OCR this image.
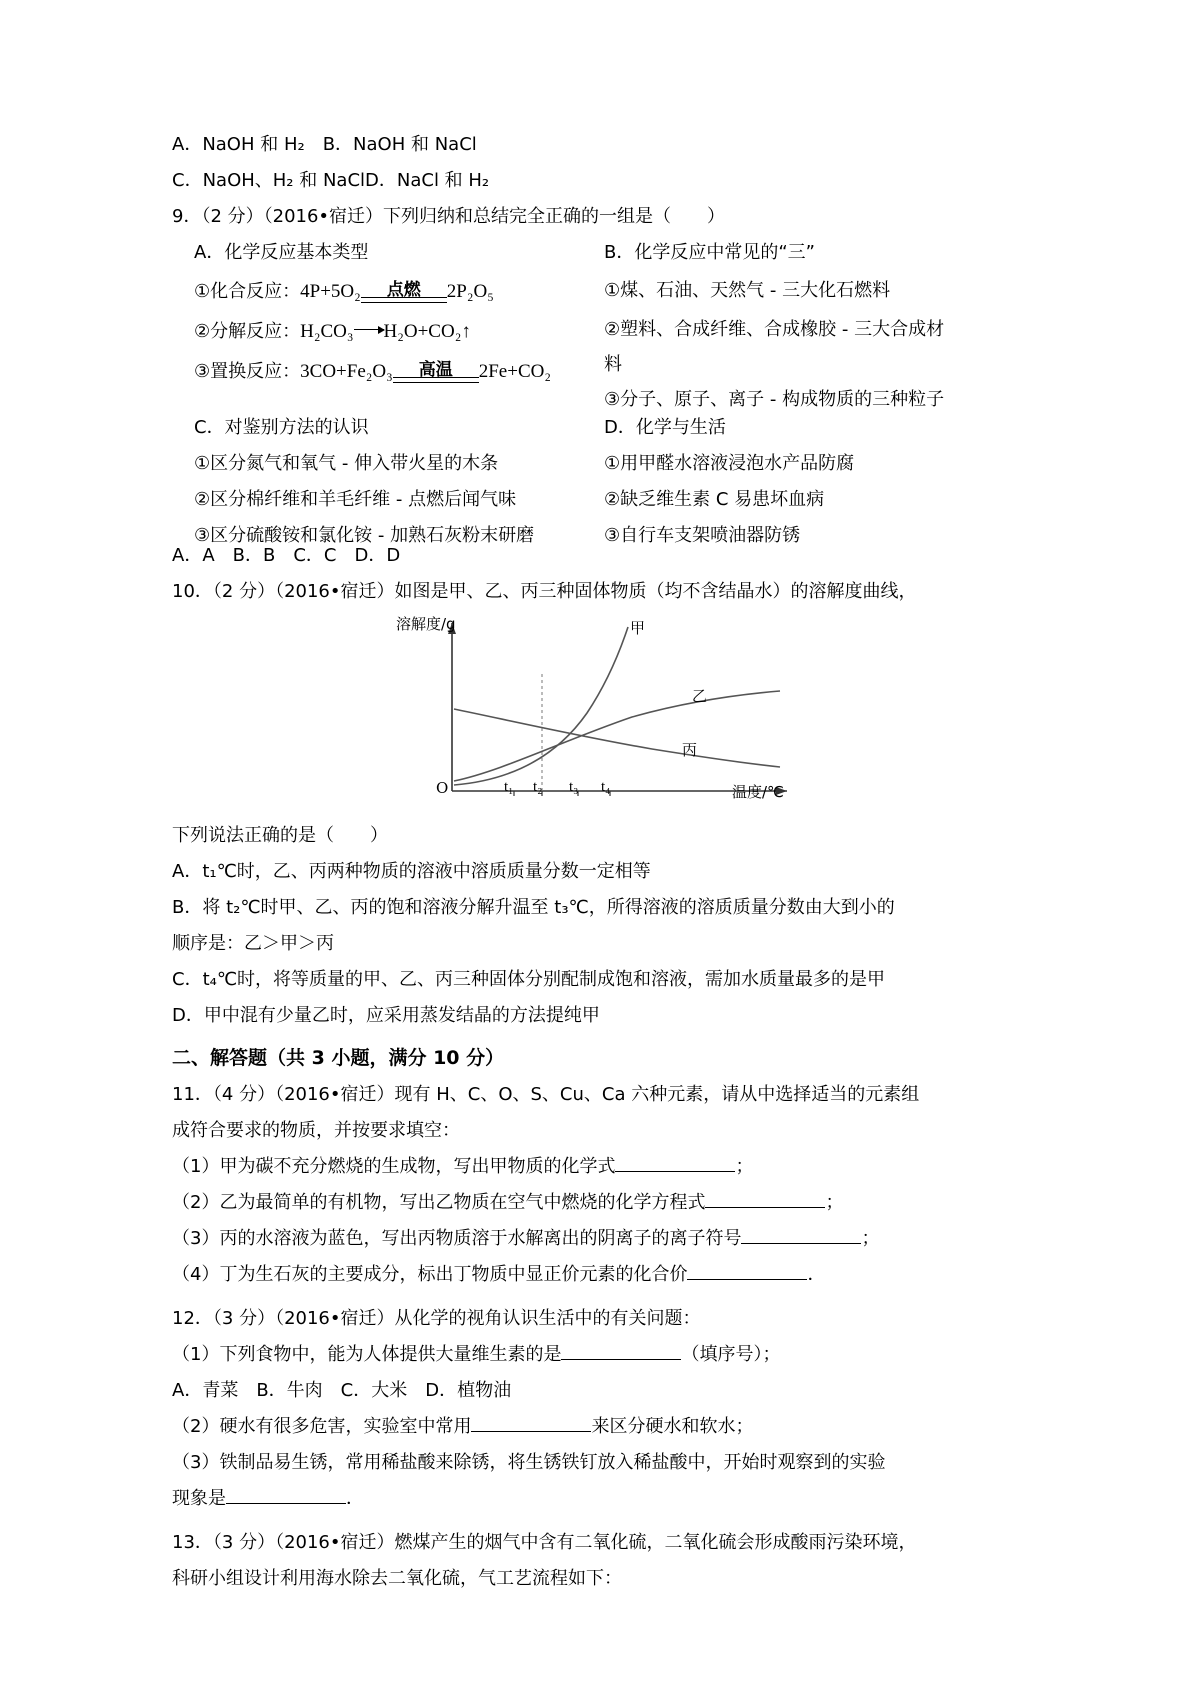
A．NaOH 和 H₂　B．NaOH 和 NaCl
C．NaOH、H₂ 和 NaClD．NaCl 和 H₂
9．（2 分）（2016•宿迁）下列归纳和总结完全正确的一组是（　　）
A．化学反应基本类型
①化合反应：4P+5O₂	点燃	2P₂O₅
②分解反应：H₂CO₃→H₂O+CO₂↑
③置换反应：3CO+Fe₂O₃	高温	2Fe+CO₂
B．化学反应中常见的“三”
①煤、石油、天然气 - 三大化石燃料
②塑料、合成纤维、合成橡胶 - 三大合成材
料
③分子、原子、离子 - 构成物质的三种粒子
C．对鉴别方法的认识
①区分氮气和氧气 - 伸入带火星的木条
②区分棉纤维和羊毛纤维 - 点燃后闻气味
③区分硫酸铵和氯化铵 - 加熟石灰粉末研磨
D．化学与生活
①用甲醛水溶液浸泡水产品防腐
②缺乏维生素 C 易患坏血病
③自行车支架喷油器防锈
A．A　B．B　C．C　D．D
10．（2 分）（2016•宿迁）如图是甲、乙、丙三种固体物质（均不含结晶水）的溶解度曲线，
溶解度/g
温度/℃
O	t₁ t₂ t₃ t₄
甲
乙
丙
下列说法正确的是（　　）
A．t₁℃时，乙、丙两种物质的溶液中溶质质量分数一定相等
B．将 t₂℃时甲、乙、丙的饱和溶液分解升温至 t₃℃，所得溶液的溶质质量分数由大到小的
顺序是：乙＞甲＞丙
C．t₄℃时，将等质量的甲、乙、丙三种固体分别配制成饱和溶液，需加水质量最多的是甲
D．甲中混有少量乙时，应采用蒸发结晶的方法提纯甲
二、解答题（共 3 小题，满分 10 分）
11．（4 分）（2016•宿迁）现有 H、C、O、S、Cu、Ca 六种元素，请从中选择适当的元素组
成符合要求的物质，并按要求填空：
（1）甲为碳不充分燃烧的生成物，写出甲物质的化学式	；
（2）乙为最简单的有机物，写出乙物质在空气中燃烧的化学方程式	；
（3）丙的水溶液为蓝色，写出丙物质溶于水解离出的阴离子的离子符号	；
（4）丁为生石灰的主要成分，标出丁物质中显正价元素的化合价	．
12．（3 分）（2016•宿迁）从化学的视角认识生活中的有关问题：
（1）下列食物中，能为人体提供大量维生素的是	（填序号）；
A．青菜　B．牛肉　C．大米　D．植物油
（2）硬水有很多危害，实验室中常用	来区分硬水和软水；
（3）铁制品易生锈，常用稀盐酸来除锈，将生锈铁钉放入稀盐酸中，开始时观察到的实验
现象是	．
13．（3 分）（2016•宿迁）燃煤产生的烟气中含有二氧化硫，二氧化硫会形成酸雨污染环境，
科研小组设计利用海水除去二氧化硫，气工艺流程如下：
